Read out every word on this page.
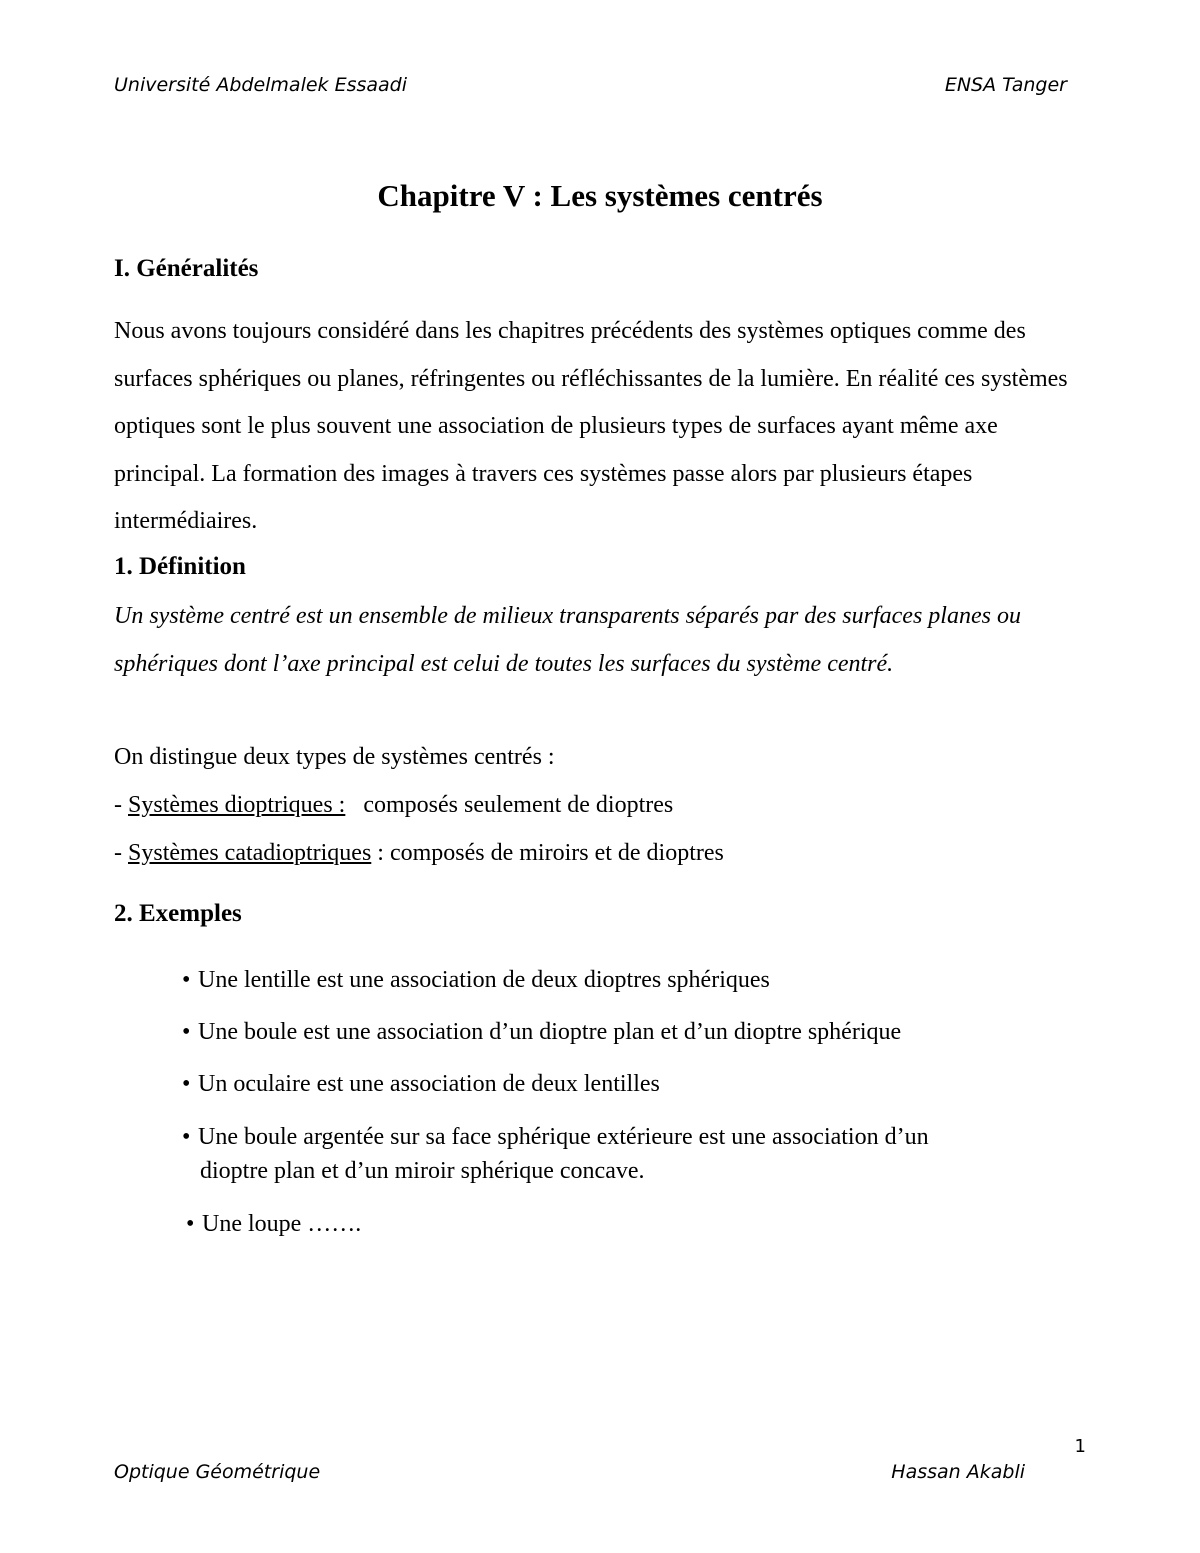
Université Abdelmalek Essaadi	ENSA Tanger
Chapitre V : Les systèmes centrés
I. Généralités
Nous avons toujours considéré dans les chapitres précédents des systèmes optiques comme des surfaces sphériques ou planes, réfringentes ou réfléchissantes de la lumière. En réalité ces systèmes optiques sont le plus souvent une association de plusieurs types de surfaces ayant même axe principal. La formation des images à travers ces systèmes passe alors par plusieurs étapes intermédiaires.
1. Définition
Un système centré est un ensemble de milieux transparents séparés par des surfaces planes ou sphériques dont l’axe principal est celui de toutes les surfaces du système centré.
On distingue deux types de systèmes centrés :
- Systèmes dioptriques :   composés seulement de dioptres
- Systèmes catadioptriques : composés de miroirs et de dioptres
2. Exemples
• Une lentille est une association de deux dioptres sphériques
• Une boule est une association d’un dioptre plan et d’un dioptre sphérique
• Un oculaire est une association de deux lentilles
• Une boule argentée sur sa face sphérique extérieure est une association d’un
dioptre plan et d’un miroir sphérique concave.
• Une loupe …….
1
Optique Géométrique	Hassan Akabli
